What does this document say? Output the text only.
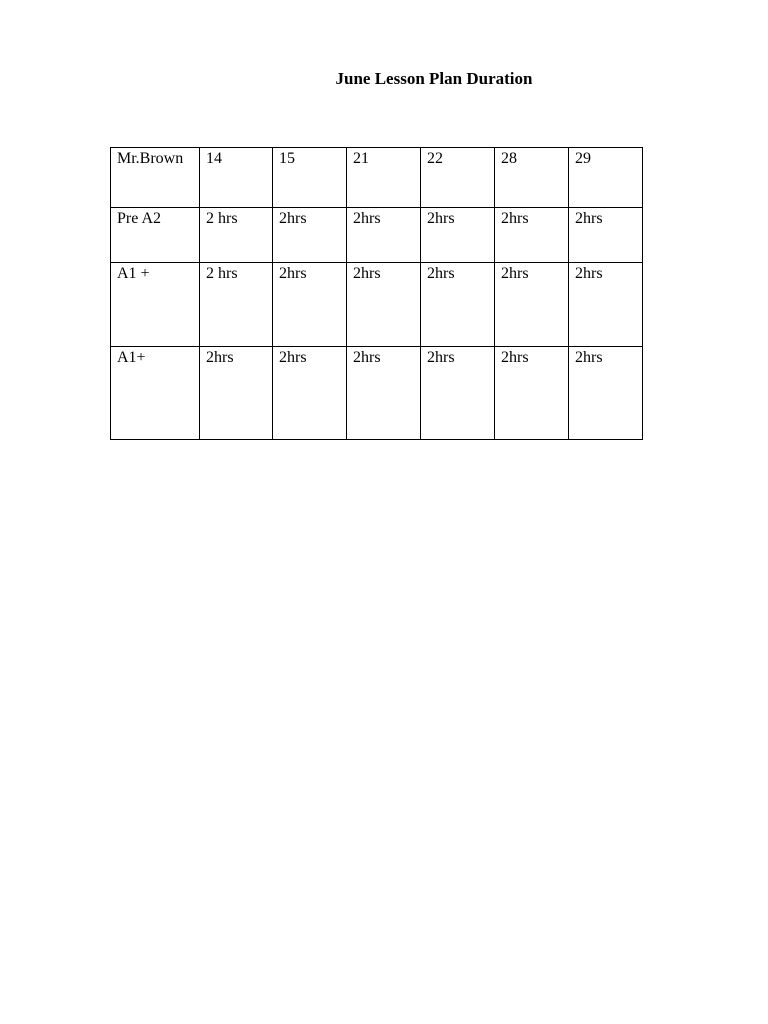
June Lesson Plan Duration
Mr.Brown	14	15	21	22	28	29
Pre A2	2 hrs	2hrs	2hrs	2hrs	2hrs	2hrs
A1 +	2 hrs	2hrs	2hrs	2hrs	2hrs	2hrs
A1+	2hrs	2hrs	2hrs	2hrs	2hrs	2hrs
